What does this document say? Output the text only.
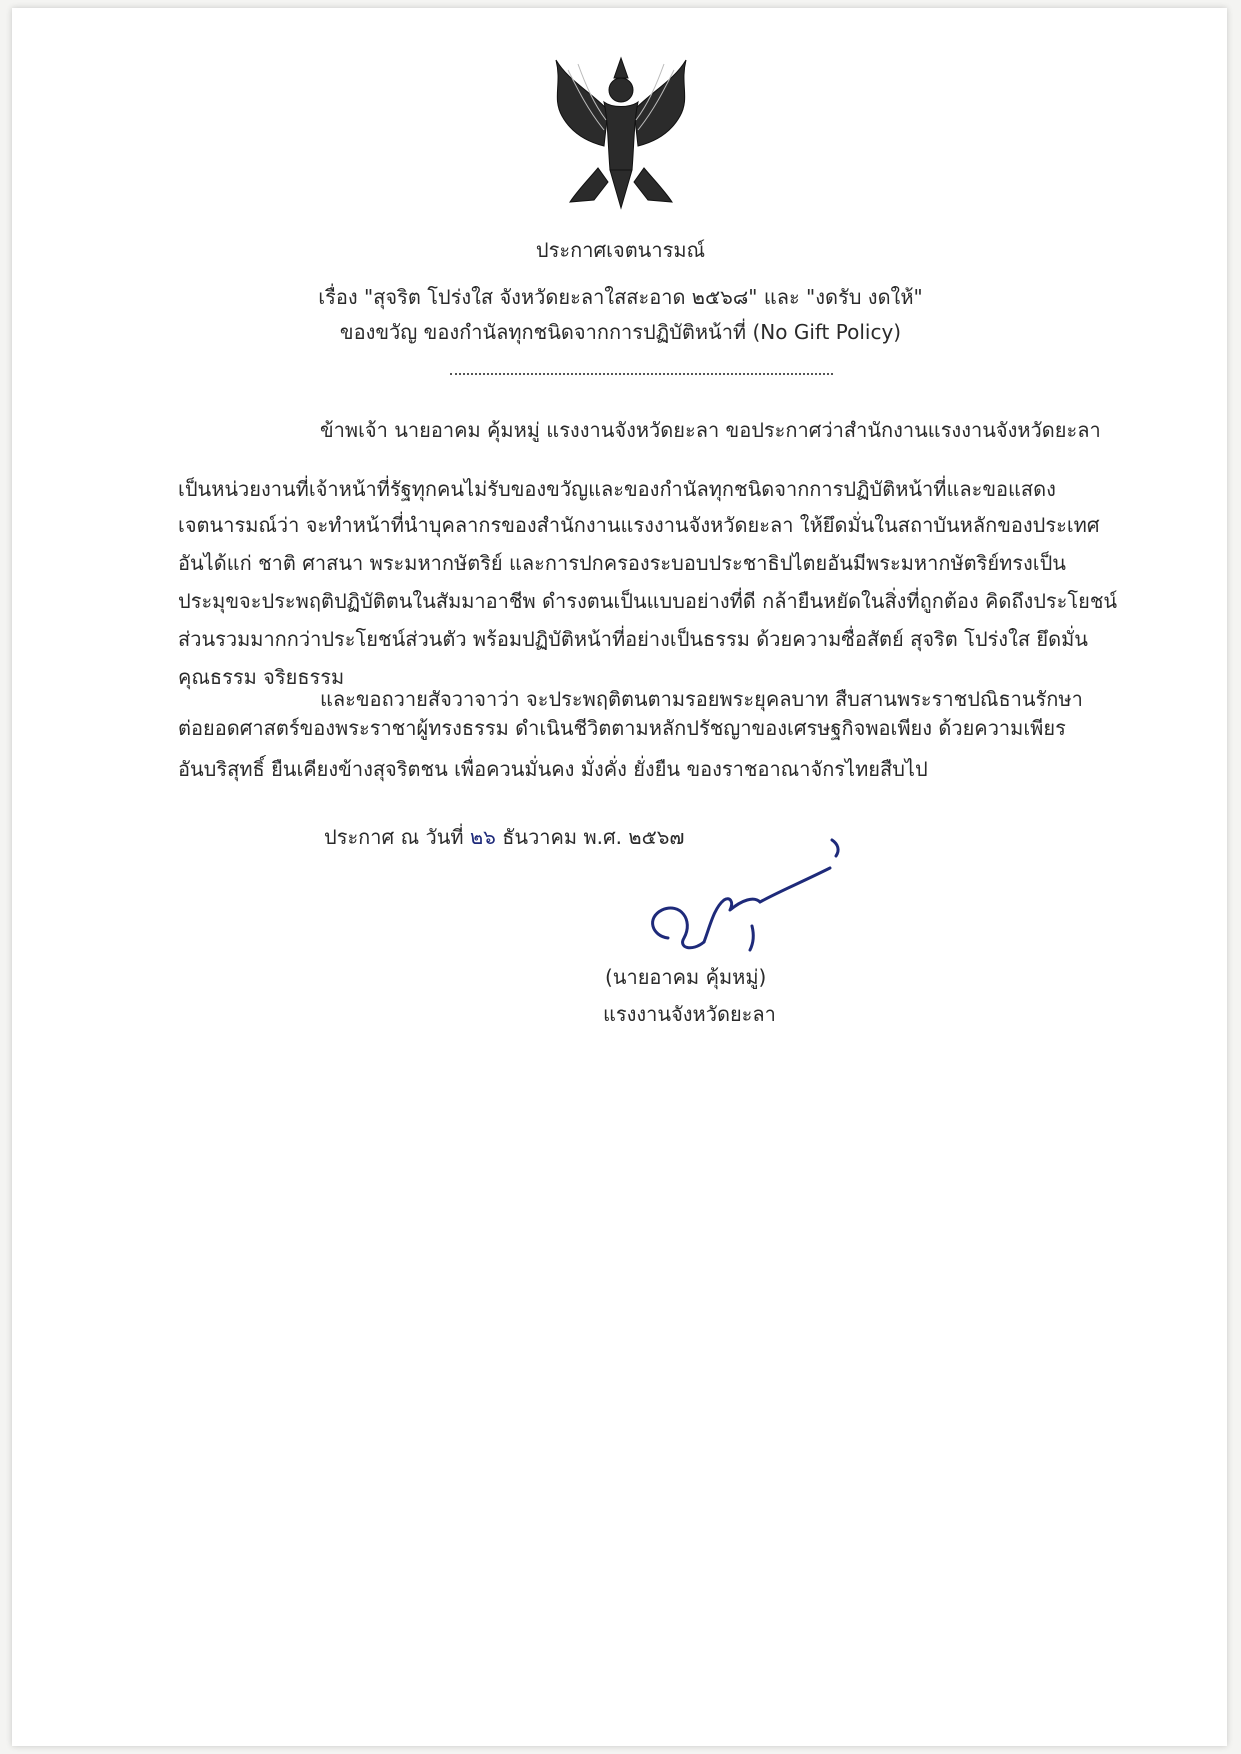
ประกาศเจตนารมณ์
เรื่อง "สุจริต โปร่งใส จังหวัดยะลาใสสะอาด ๒๕๖๘" และ "งดรับ งดให้"
ของขวัญ ของกำนัลทุกชนิดจากการปฏิบัติหน้าที่ (No Gift Policy)
ข้าพเจ้า นายอาคม คุ้มหมู่ แรงงานจังหวัดยะลา ขอประกาศว่าสำนักงานแรงงานจังหวัดยะลา
เป็นหน่วยงานที่เจ้าหน้าที่รัฐทุกคนไม่รับของขวัญและของกำนัลทุกชนิดจากการปฏิบัติหน้าที่และขอแสดง
เจตนารมณ์ว่า จะทำหน้าที่นำบุคลากรของสำนักงานแรงงานจังหวัดยะลา ให้ยึดมั่นในสถาบันหลักของประเทศ
อันได้แก่ ชาติ ศาสนา พระมหากษัตริย์ และการปกครองระบอบประชาธิปไตยอันมีพระมหากษัตริย์ทรงเป็น
ประมุขจะประพฤติปฏิบัติตนในสัมมาอาชีพ ดำรงตนเป็นแบบอย่างที่ดี กล้ายืนหยัดในสิ่งที่ถูกต้อง คิดถึงประโยชน์
ส่วนรวมมากกว่าประโยชน์ส่วนตัว พร้อมปฏิบัติหน้าที่อย่างเป็นธรรม ด้วยความซื่อสัตย์ สุจริต โปร่งใส ยึดมั่น
คุณธรรม จริยธรรม
และขอถวายสัจวาจาว่า จะประพฤติตนตามรอยพระยุคลบาท สืบสานพระราชปณิธานรักษา
ต่อยอดศาสตร์ของพระราชาผู้ทรงธรรม ดำเนินชีวิตตามหลักปรัชญาของเศรษฐกิจพอเพียง ด้วยความเพียร
อันบริสุทธิ์ ยืนเคียงข้างสุจริตชน เพื่อควนมั่นคง มั่งคั่ง ยั่งยืน ของราชอาณาจักรไทยสืบไป
ประกาศ ณ วันที่ ๒๖ ธันวาคม พ.ศ. ๒๕๖๗
(นายอาคม คุ้มหมู่)
แรงงานจังหวัดยะลา
